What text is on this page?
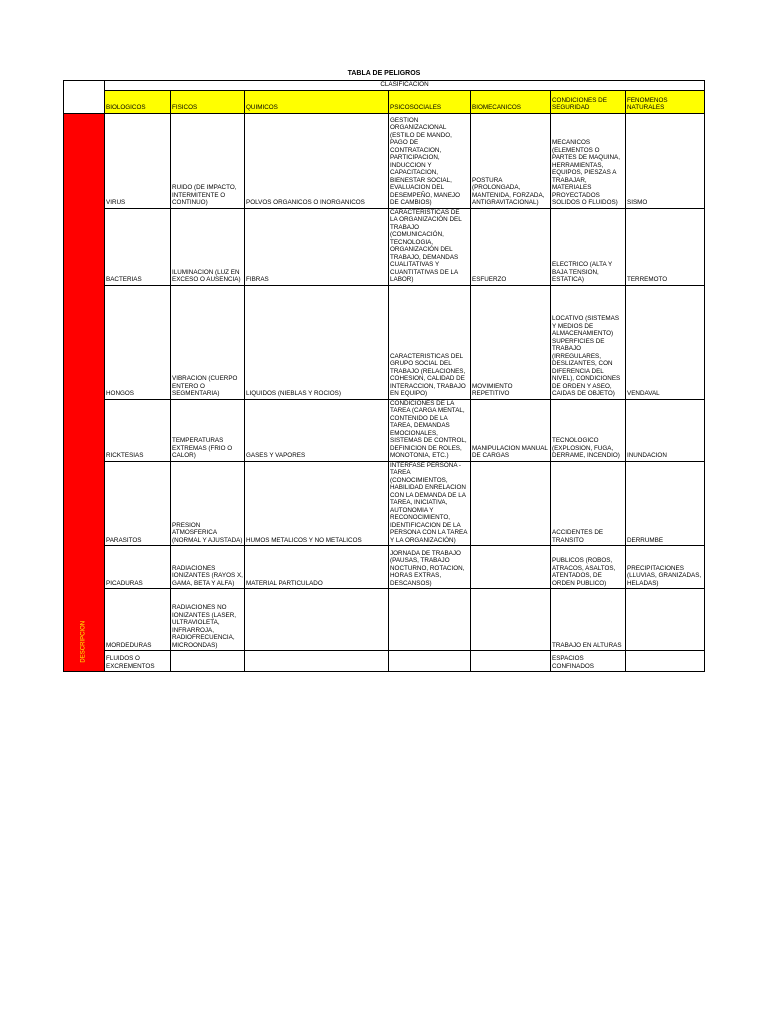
TABLA DE PELIGROS
	CLASIFICACION						
	BIOLOGICOS	FISICOS	QUIMICOS	PSICOSOCIALES	BIOMECANICOS	CONDICIONES DE SEGURIDAD	FENOMENOS NATURALES

DESCRIPCION	VIRUS	RUIDO (DE IMPACTO, INTERMITENTE O CONTINUO)	POLVOS ORGANICOS O INORGANICOS	GESTION ORGANIZACIONAL (ESTILO DE MANDO, PAGO DE CONTRATACION, PARTICIPACION, INDUCCION Y CAPACITACION, BIENESTAR SOCIAL, EVALUACION DEL DESEMPEÑO, MANEJO DE CAMBIOS)	POSTURA (PROLONGADA, MANTENIDA, FORZADA, ANTIGRAVITACIONAL)	MECANICOS (ELEMENTOS O PARTES DE MAQUINA, HERRAMIENTAS, EQUIPOS, PIESZAS A TRABAJAR, MATERIALES PROYECTADOS SOLIDOS O FLUIDOS)	SISMO
	BACTERIAS	ILUMINACION (LUZ EN EXCESO O AUSENCIA)	FIBRAS	CARACTERISTICAS DE LA ORGANIZACIÓN DEL TRABAJO (COMUNICACIÓN, TECNOLOGIA, ORGANIZACIÓN DEL TRABAJO, DEMANDAS CUALITATIVAS Y CUANTITATIVAS DE LA LABOR)	ESFUERZO	ELECTRICO (ALTA Y BAJA TENSION, ESTATICA)	TERREMOTO
	HONGOS	VIBRACION (CUERPO ENTERO O SEGMENTARIA)	LIQUIDOS (NIEBLAS Y ROCIOS)	CARACTERISTICAS DEL GRUPO SOCIAL DEL TRABAJO (RELACIONES, COHESION, CALIDAD DE INTERACCION, TRABAJO EN EQUIPO)	MOVIMIENTO REPETITIVO	LOCATIVO (SISTEMAS Y MEDIOS DE ALMACENAMIENTO) SUPERFICIES DE TRABAJO (IRREGULARES, DESLIZANTES, CON DIFERENCIA DEL NIVEL), CONDICIONES DE ORDEN Y ASEO, CAIDAS DE OBJETO)	VENDAVAL
	RICKTESIAS	TEMPERATURAS EXTREMAS (FRIO O CALOR)	GASES Y VAPORES	CONDICIONES DE LA TAREA (CARGA MENTAL, CONTENIDO DE LA TAREA, DEMANDAS EMOCIONALES, SISTEMAS DE CONTROL, DEFINICION DE ROLES, MONOTONIA, ETC.)	MANIPULACION MANUAL DE CARGAS	TECNOLOGICO (EXPLOSION, FUGA, DERRAME, INCENDIO)	INUNDACION
	PARASITOS	PRESION ATMOSFERICA (NORMAL Y AJUSTADA)	HUMOS METALICOS Y NO METALICOS	INTERFASE PERSONA - TAREA (CONOCIMIENTOS, HABILIDAD ENRELACION CON LA DEMANDA DE LA TAREA, INICIATIVA, AUTONOMIA Y RECONOCIMIENTO, IDENTIFICACION DE LA PERSONA CON LA TAREA Y LA ORGANIZACIÓN)		ACCIDENTES DE TRANSITO	DERRUMBE
	PICADURAS	RADIACIONES IONIZANTES (RAYOS X, GAMA, BETA Y ALFA)	MATERIAL PARTICULADO	JORNADA DE TRABAJO (PAUSAS, TRABAJO NOCTURNO, ROTACION, HORAS EXTRAS, DESCANSOS)		PUBLICOS (ROBOS, ATRACOS, ASALTOS, ATENTADOS, DE ORDEN PUBLICO)	PRECIPITACIONES (LLUVIAS, GRANIZADAS, HELADAS)
	MORDEDURAS	RADIACIONES NO IONIZANTES (LASER, ULTRAVIOLETA, INFRARROJA, RADIOFRECUENCIA, MICROONDAS)				TRABAJO EN ALTURAS	
	FLUIDOS O EXCREMENTOS					ESPACIOS CONFINADOS	
